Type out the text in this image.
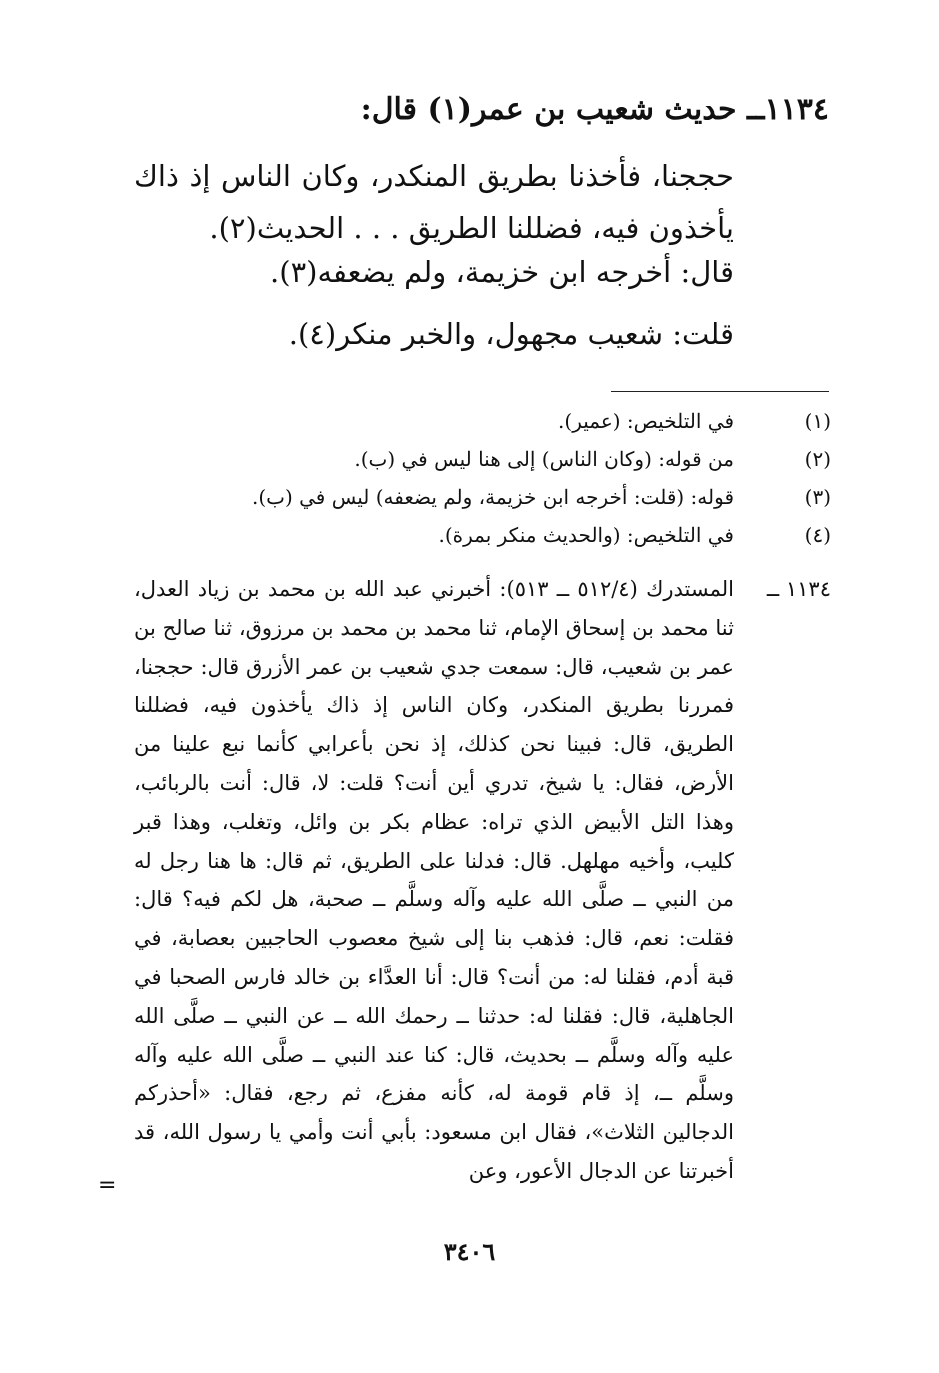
١١٣٤ــ حديث شعيب بن عمر(١) قال:

حججنا، فأخذنا بطريق المنكدر، وكان الناس إذ ذاك يأخذون فيه، فضللنا الطريق . . . الحديث(٢).

قال: أخرجه ابن خزيمة، ولم يضعفه(٣).
قلت: شعيب مجهول، والخبر منكر(٤).
(١)
في التلخيص: (عمير).
(٢)
من قوله: (وكان الناس) إلى هنا ليس في (ب).
(٣)
قوله: (قلت: أخرجه ابن خزيمة، ولم يضعفه) ليس في (ب).
(٤)
في التلخيص: (والحديث منكر بمرة).
١١٣٤ ــ

المستدرك (٥١٢/٤ ــ ٥١٣): أخبرني عبد الله بن محمد بن زياد العدل، ثنا محمد بن إسحاق الإمام، ثنا محمد بن محمد بن مرزوق، ثنا صالح بن عمر بن شعيب، قال: سمعت جدي شعيب بن عمر الأزرق قال: حججنا، فمررنا بطريق المنكدر، وكان الناس إذ ذاك يأخذون فيه، فضللنا الطريق، قال: فبينا نحن كذلك، إذ نحن بأعرابي كأنما نبع علينا من الأرض، فقال: يا شيخ، تدري أين أنت؟ قلت: لا، قال: أنت بالربائب، وهذا التل الأبيض الذي تراه: عظام بكر بن وائل، وتغلب، وهذا قبر كليب، وأخيه مهلهل. قال: فدلنا على الطريق، ثم قال: ها هنا رجل له من النبي ــ صلَّى الله عليه وآله وسلَّم ــ صحبة، هل لكم فيه؟ قال: فقلت: نعم، قال: فذهب بنا إلى شيخ معصوب الحاجبين بعصابة، في قبة أدم، فقلنا له: من أنت؟ قال: أنا العدَّاء بن خالد فارس الصحبا في الجاهلية، قال: فقلنا له: حدثنا ــ رحمك الله ــ عن النبي ــ صلَّى الله عليه وآله وسلَّم ــ بحديث، قال: كنا عند النبي ــ صلَّى الله عليه وآله وسلَّم ــ، إذ قام قومة له، كأنه مفزع، ثم رجع، فقال: «أحذركم الدجالين الثلاث»، فقال ابن مسعود: بأبي أنت وأمي يا رسول الله، قد أخبرتنا عن الدجال الأعور، وعن

=
٣٤٠٦
